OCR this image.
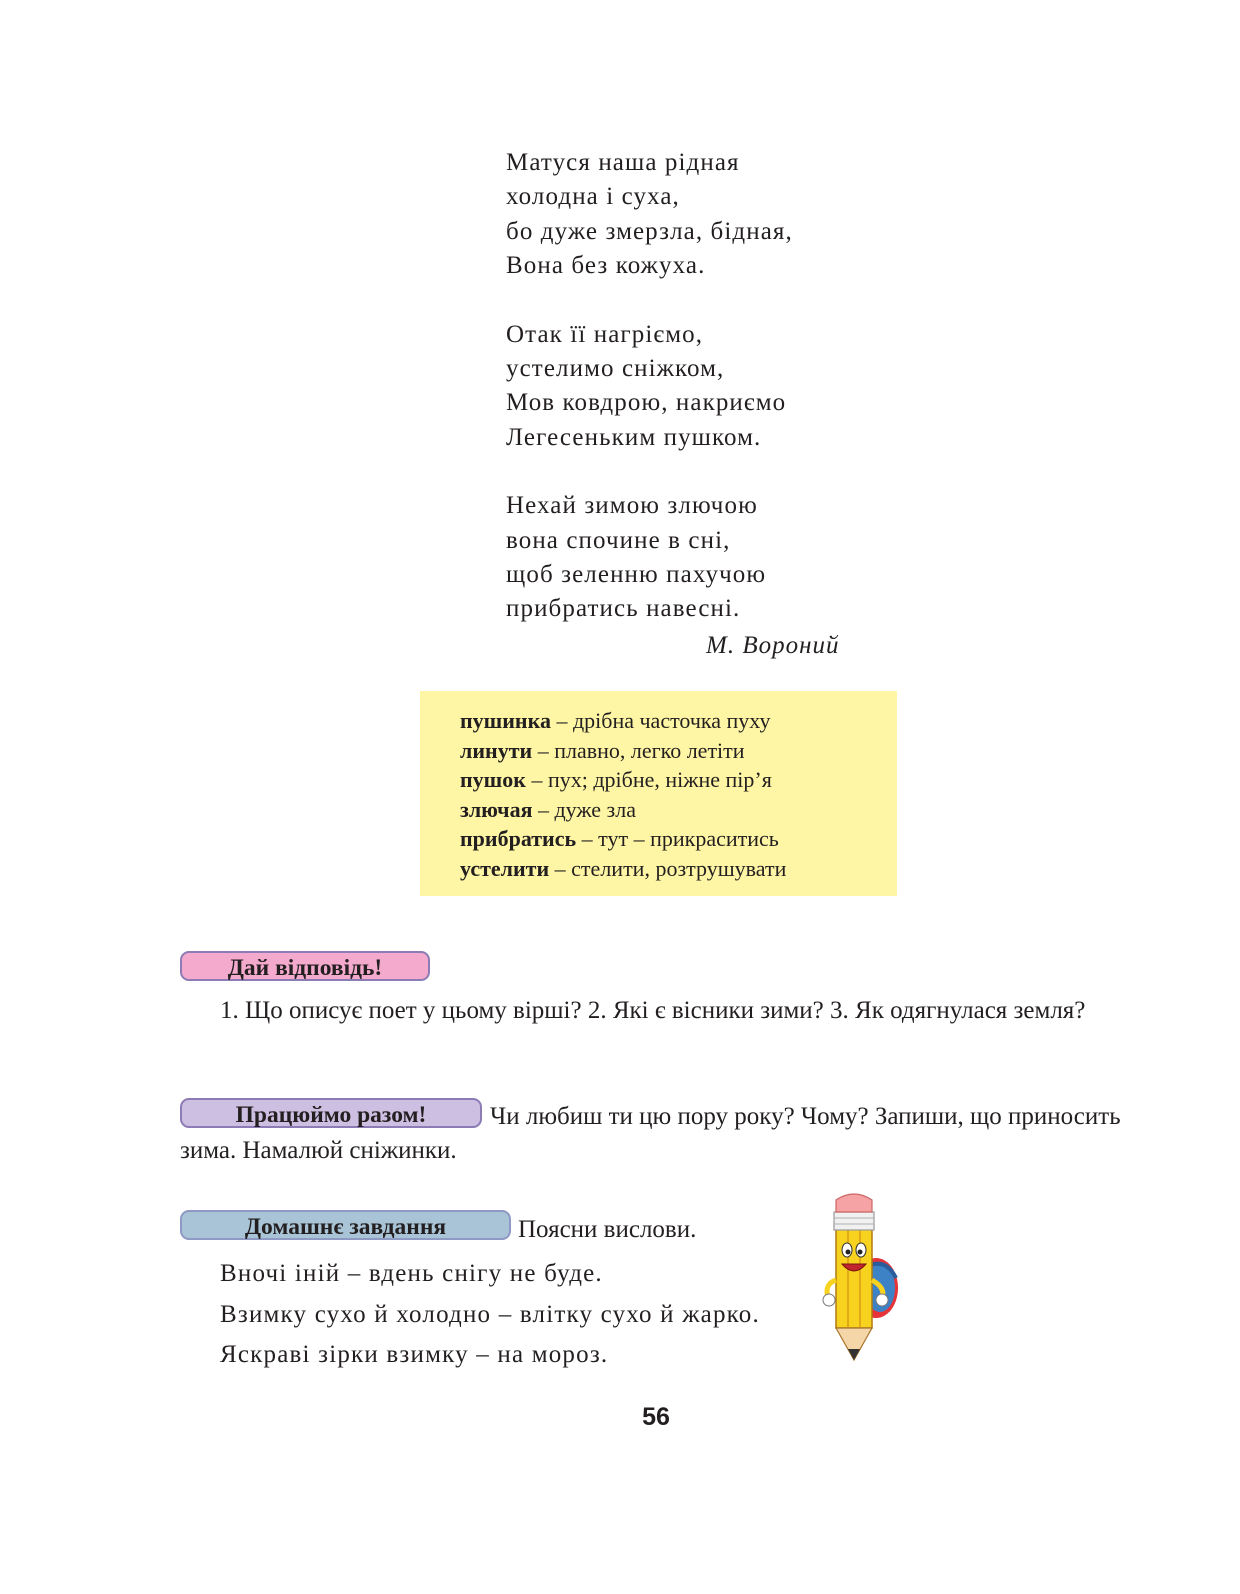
Матуся наша рідная
холодна і суха,
бо дуже змерзла, бідная,
Вона без кожуха.
Отак її нагріємо,
устелимо сніжком,
Мов ковдрою, накриємо
Легесеньким пушком.
Нехай зимою злючою
вона спочине в сні,
щоб зеленню пахучою
прибратись навесні.
М. Вороний
пушинка – дрібна часточка пуху
линути – плавно, легко летіти
пушок – пух; дрібне, ніжне пір’я
злючая – дуже зла
прибратись – тут – прикраситись
устелити – стелити, розтрушувати
Дай відповідь!
1. Що описує поет у цьому вірші? 2. Які є вісники зими? 3. Як одягнулася земля?
Працюймо разом!	Чи любиш ти цю пору року? Чому? Запиши, що приносить зима. Намалюй сніжинки.
Домашнє завдання	Поясни вислови.
Вночі іній – вдень снігу не буде.
Взимку сухо й холодно – влітку сухо й жарко.
Яскраві зірки взимку – на мороз.
56
